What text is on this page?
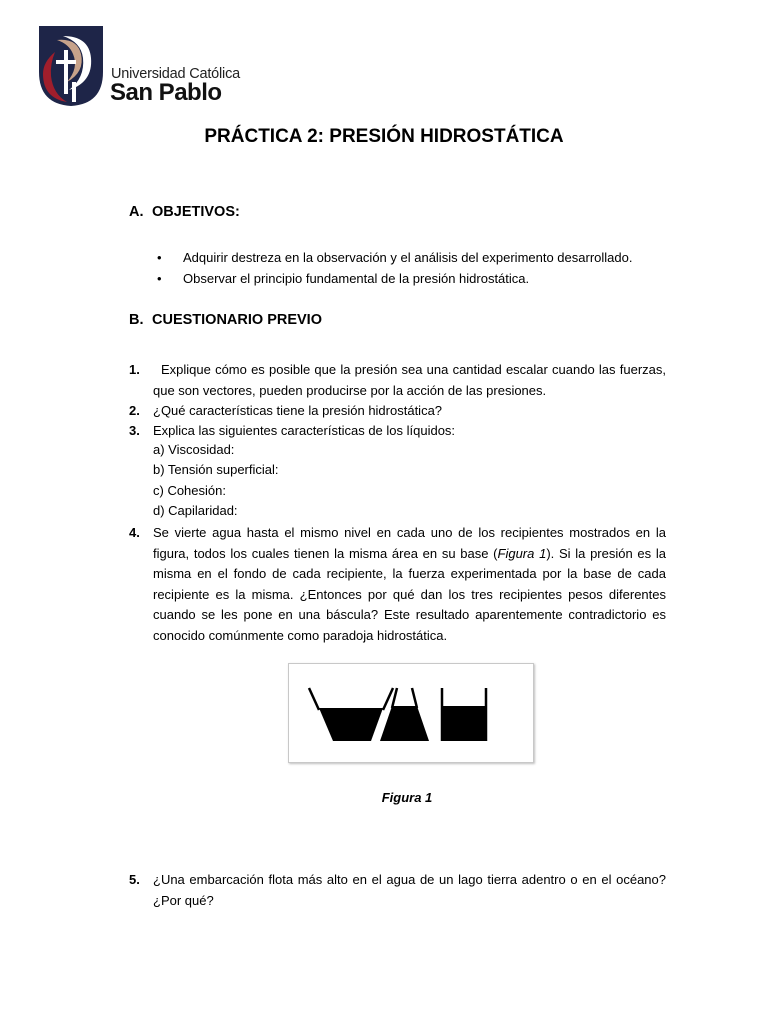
Universidad Católica
San Pablo
PRÁCTICA 2: PRESIÓN HIDROSTÁTICA
A. OBJETIVOS:
• Adquirir destreza en la observación y el análisis del experimento desarrollado.
• Observar el principio fundamental de la presión hidrostática.
B. CUESTIONARIO PREVIO
1.	Explique cómo es posible que la presión sea una cantidad escalar cuando las fuerzas, que son vectores, pueden producirse por la acción de las presiones.
2. ¿Qué características tiene la presión hidrostática?
3. Explica las siguientes características de los líquidos:
a) Viscosidad:
b) Tensión superficial:
c) Cohesión:
d) Capilaridad:
4. Se vierte agua hasta el mismo nivel en cada uno de los recipientes mostrados en la figura, todos los cuales tienen la misma área en su base (Figura 1). Si la presión es la misma en el fondo de cada recipiente, la fuerza experimentada por la base de cada recipiente es la misma. ¿Entonces por qué dan los tres recipientes pesos diferentes cuando se les pone en una báscula? Este resultado aparentemente contradictorio es conocido comúnmente como paradoja hidrostática.
Figura 1
5. ¿Una embarcación flota más alto en el agua de un lago tierra adentro o en el océano? ¿Por qué?
